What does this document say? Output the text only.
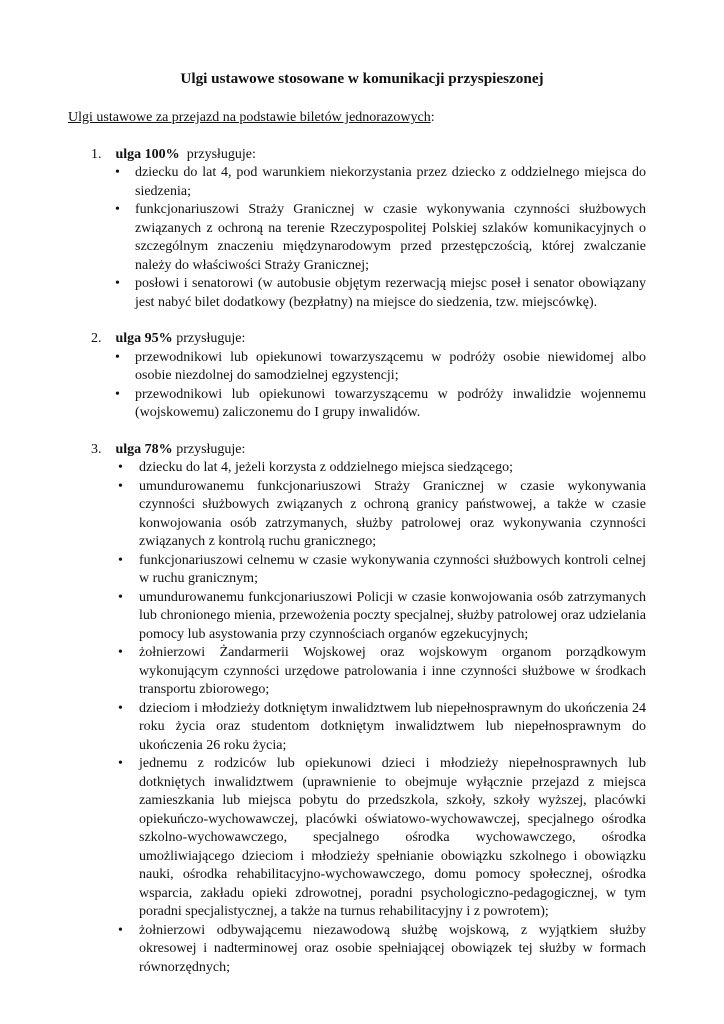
Ulgi ustawowe stosowane w komunikacji przyspieszonej
Ulgi ustawowe za przejazd na podstawie biletów jednorazowych:
1. ulga 100% przysługuje:
• dziecku do lat 4, pod warunkiem niekorzystania przez dziecko z oddzielnego miejsca do siedzenia;
• funkcjonariuszowi Straży Granicznej w czasie wykonywania czynności służbowych związanych z ochroną na terenie Rzeczypospolitej Polskiej szlaków komunikacyjnych o szczególnym znaczeniu międzynarodowym przed przestępczością, której zwalczanie należy do właściwości Straży Granicznej;
• posłowi i senatorowi (w autobusie objętym rezerwacją miejsc poseł i senator obowiązany jest nabyć bilet dodatkowy (bezpłatny) na miejsce do siedzenia, tzw. miejscówkę).
2. ulga 95% przysługuje:
• przewodnikowi lub opiekunowi towarzyszącemu w podróży osobie niewidomej albo osobie niezdolnej do samodzielnej egzystencji;
• przewodnikowi lub opiekunowi towarzyszącemu w podróży inwalidzie wojennemu (wojskowemu) zaliczonemu do I grupy inwalidów.
3. ulga 78% przysługuje:
• dziecku do lat 4, jeżeli korzysta z oddzielnego miejsca siedzącego;
• umundurowanemu funkcjonariuszowi Straży Granicznej w czasie wykonywania czynności służbowych związanych z ochroną granicy państwowej, a także w czasie konwojowania osób zatrzymanych, służby patrolowej oraz wykonywania czynności związanych z kontrolą ruchu granicznego;
• funkcjonariuszowi celnemu w czasie wykonywania czynności służbowych kontroli celnej w ruchu granicznym;
• umundurowanemu funkcjonariuszowi Policji w czasie konwojowania osób zatrzymanych lub chronionego mienia, przewożenia poczty specjalnej, służby patrolowej oraz udzielania pomocy lub asystowania przy czynnościach organów egzekucyjnych;
• żołnierzowi Żandarmerii Wojskowej oraz wojskowym organom porządkowym wykonującym czynności urzędowe patrolowania i inne czynności służbowe w środkach transportu zbiorowego;
• dzieciom i młodzieży dotkniętym inwalidztwem lub niepełnosprawnym do ukończenia 24 roku życia oraz studentom dotkniętym inwalidztwem lub niepełnosprawnym do ukończenia 26 roku życia;
• jednemu z rodziców lub opiekunowi dzieci i młodzieży niepełnosprawnych lub dotkniętych inwalidztwem (uprawnienie to obejmuje wyłącznie przejazd z miejsca zamieszkania lub miejsca pobytu do przedszkola, szkoły, szkoły wyższej, placówki opiekuńczo-wychowawczej, placówki oświatowo-wychowawczej, specjalnego ośrodka szkolno-wychowawczego, specjalnego ośrodka wychowawczego, ośrodka umożliwiającego dzieciom i młodzieży spełnianie obowiązku szkolnego i obowiązku nauki, ośrodka rehabilitacyjno-wychowawczego, domu pomocy społecznej, ośrodka wsparcia, zakładu opieki zdrowotnej, poradni psychologiczno-pedagogicznej, w tym poradni specjalistycznej, a także na turnus rehabilitacyjny i z powrotem);
• żołnierzowi odbywającemu niezawodową służbę wojskową, z wyjątkiem służby okresowej i nadterminowej oraz osobie spełniającej obowiązek tej służby w formach równorzędnych;
